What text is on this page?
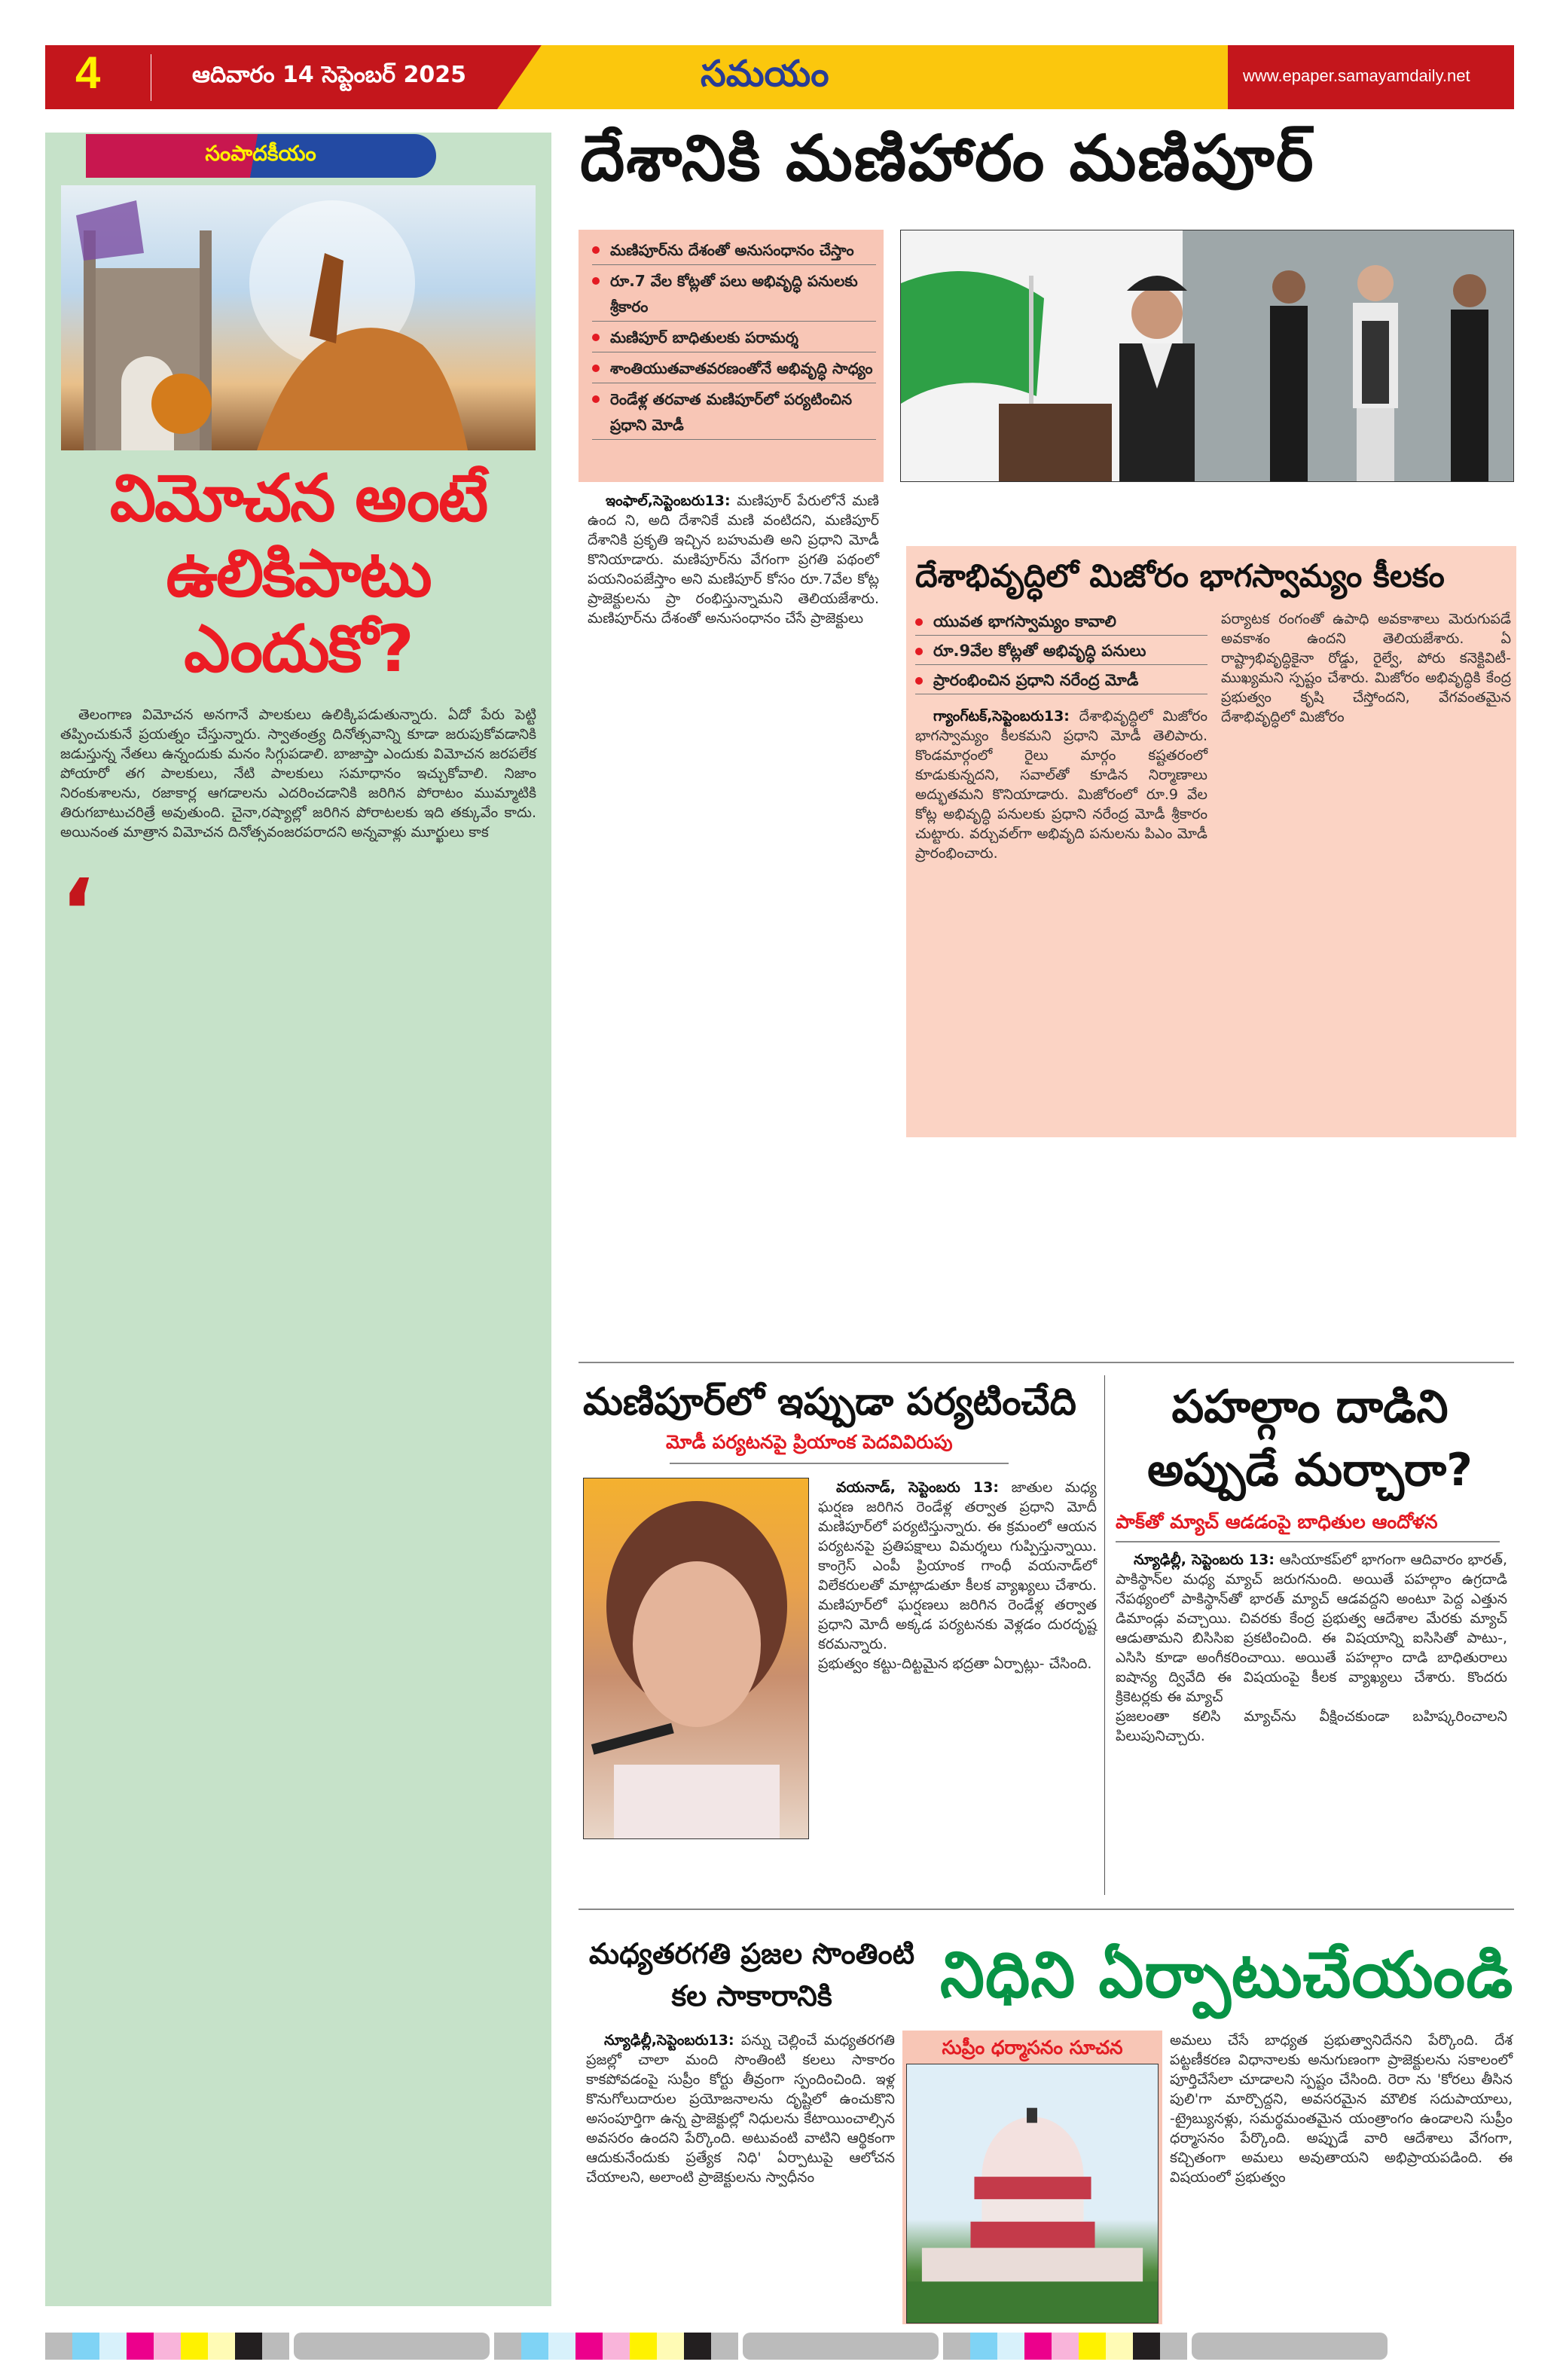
4	ఆదివారం 14 సెప్టెంబర్ 2025	సమయం	www.epaper.samayamdaily.net
సంపాదకీయం
విమోచన అంటే ఉలికిపాటు ఎందుకో?

తెలంగాణ విమోచన అనగానే పాలకులు ఉలిక్కిపడుతున్నారు. ఏదో పేరు పెట్టి తప్పించుకునే ప్రయత్నం చేస్తున్నారు. స్వాతంత్ర్య దినోత్సవాన్ని కూడా జరుపుకోవడానికి జడుస్తున్న నేతలు ఉన్నందుకు మనం సిగ్గుపడాలి. బాజాప్తా ఎందుకు విమోచన జరపలేక పోయారో తగ పాలకులు, నేటి పాలకులు సమాధానం ఇచ్చుకోవాలి. నిజాం నిరంకుశాలను, రజాకార్ల ఆగడాలను ఎదరించడానికి జరిగిన పోరాటం ముమ్మాటికి తిరుగబాటుచరిత్రే అవుతుంది. చైనా,రష్యాల్లో జరిగిన పోరాటలకు ఇది తక్కువేం కాదు. అయినంత మాత్రాన విమోచన దినోత్సవంజరపరాదని అన్నవాళ్లు మూర్ఖులు కాక

‘
దేశానికి మణిహారం మణిపూర్
మణిపూర్‌ను దేశంతో అనుసంధానం చేస్తాం
రూ.7 వేల కోట్లతో పలు అభివృద్ధి పనులకు శ్రీకారం
మణిపూర్ బాధితులకు పరామర్శ
శాంతియుతవాతవరణంతోనే అభివృద్ధి సాధ్యం
రెండేళ్ల తరవాత మణిపూర్‌లో పర్యటించిన ప్రధాని మోడీ

ఇంఫాల్,సెప్టెంబరు13: మణిపూర్ పేరులోనే మణి ఉంద ని, అది దేశానికే మణి వంటిదని, మణిపూర్ దేశానికి ప్రకృతి ఇచ్చిన బహుమతి అని ప్రధాని మోడీ కొనియాడారు. మణిపూర్‌ను వేగంగా ప్రగతి పథంలో పయనింపజేస్తాం అని మణిపూర్ కోసం రూ.7వేల కోట్ల ప్రాజెక్టులను ప్రా రంభిస్తున్నామని తెలియజేశారు. మణిపూర్‌ను దేశంతో అనుసంధానం చేసే ప్రాజెక్టులు

దేశాభివృద్ధిలో మిజోరం భాగస్వామ్యం కీలకం
యువత భాగస్వామ్యం కావాలి
రూ.9వేల కోట్లతో అభివృద్ధి పనులు
ప్రారంభించిన ప్రధాని నరేంద్ర మోడీ

గ్యాంగ్‌టక్,సెప్టెంబరు13: దేశాభివృద్ధిలో మిజోరం భాగస్వామ్యం కీలకమని ప్రధాని మోడీ తెలిపారు. కొండమార్గంలో రైలు మార్గం కష్టతరంలో కూడుకున్నదని, సవాల్‌తో కూడిన నిర్మాణాలు అద్భుతమని కొనియాడారు. మిజోరంలో రూ.9 వేల కోట్ల అభివృద్ధి పనులకు ప్రధాని నరేంద్ర మోడీ శ్రీకారం చుట్టారు. వర్చువల్‌గా అభివృది పనులను పిఎం మోడీ ప్రారంభించారు.

పర్యాటక రంగంతో ఉపాధి అవకాశాలు మెరుగుపడే అవకాశం ఉందని తెలియజేశారు. ఏ రాష్ట్రాభివృద్ధికైనా రోడ్డు, రైల్వే, పోరు కనెక్టివిటీ- ముఖ్యమని స్పష్టం చేశారు. మిజోరం అభివృద్ధికి కేంద్ర ప్రభుత్వం కృషి చేస్తోందని, వేగవంతమైన దేశాభివృద్ధిలో మిజోరం
మణిపూర్‌లో ఇప్పుడా పర్యటించేది
మోడీ పర్యటనపై ప్రియాంక పెదవివిరుపు

వయనాడ్, సెప్టెంబరు 13: జాతుల మధ్య ఘర్షణ జరిగిన రెండేళ్ల తర్వాత ప్రధాని మోదీ మణిపూర్‌లో పర్యటిస్తున్నారు. ఈ క్రమంలో ఆయన పర్యటనపై ప్రతిపక్షాలు విమర్శలు గుప్పిస్తున్నాయి. కాంగ్రెస్ ఎంపీ ప్రియాంక గాంధీ వయనాడ్‌లో విలేకరులతో మాట్లాడుతూ కీలక వ్యాఖ్యలు చేశారు. మణిపూర్‌లో ఘర్షణలు జరిగిన రెండేళ్ల తర్వాత ప్రధాని మోదీ అక్కడ పర్యటనకు వెళ్లడం దురదృష్ట కరమన్నారు.

ప్రభుత్వం కట్టు-దిట్టమైన భద్రతా ఏర్పాట్లు- చేసింది.

పహల్గాం దాడిని అప్పుడే మర్చారా?
పాక్‌తో మ్యాచ్ ఆడడంపై బాధితుల ఆందోళన

న్యూఢిల్లీ, సెప్టెంబరు 13: ఆసియాకప్‌లో భాగంగా ఆదివారం భారత్, పాకిస్థాన్‌ల మధ్య మ్యాచ్ జరుగనుంది. అయితే పహల్గాం ఉగ్రదాడి నేపథ్యంలో పాకిస్థాన్‌తో భారత్ మ్యాచ్ ఆడవద్దని అంటూ పెద్ద ఎత్తున డిమాండ్లు వచ్చాయి. చివరకు కేంద్ర ప్రభుత్వ ఆదేశాల మేరకు మ్యాచ్ ఆడుతామని బిసిసిఐ ప్రకటించింది. ఈ విషయాన్ని ఐసిసితో పాటు-, ఎసిసి కూడా అంగీకరించాయి. అయితే పహల్గాం దాడి బాధితురాలు ఐషాన్య ద్వివేది ఈ విషయంపై కీలక వ్యాఖ్యలు చేశారు. కొందరు క్రికెటర్లకు ఈ మ్యాచ్

ప్రజలంతా కలిసి మ్యాచ్‌ను వీక్షించకుండా బహిష్కరించాలని పిలుపునిచ్చారు.

మధ్యతరగతి ప్రజల సొంతింటి కల సాకారానికి	నిధిని ఏర్పాటుచేయండి

న్యూఢిల్లీ,సెప్టెంబరు13: పన్ను చెల్లించే మధ్యతరగతి ప్రజల్లో చాలా మంది సొంతింటి కలలు సాకారం కాకపోవడంపై సుప్రీం కోర్టు తీవ్రంగా స్పందించింది. ఇళ్ల కొనుగోలుదారుల ప్రయోజనాలను దృష్టిలో ఉంచుకొని అసంపూర్తిగా ఉన్న ప్రాజెక్టుల్లో నిధులను కేటాయించాల్సిన అవసరం ఉందని పేర్కొంది. అటువంటి వాటిని ఆర్థికంగా ఆదుకునేందుకు ప్రత్యేక నిధి' ఏర్పాటుపై ఆలోచన చేయాలని, అలాంటి ప్రాజెక్టులను స్వాధీనం

సుప్రీం ధర్మాసనం సూచన	అమలు చేసే బాధ్యత ప్రభుత్వానిదేనని పేర్కొంది. దేశ పట్టణీకరణ విధానాలకు అనుగుణంగా ప్రాజెక్టులను సకాలంలో పూర్తిచేసేలా చూడాలని స్పష్టం చేసింది. రెరా ను 'కోరలు తీసిన పులి'గా మార్చొద్దని, అవసరమైన మౌలిక సదుపాయాలు, -ట్రైబ్యునళ్లు, సమర్థమంతమైన యంత్రాంగం ఉండాలని సుప్రీం ధర్మాసనం పేర్కొంది. అప్పుడే వారి ఆదేశాలు వేగంగా, కచ్చితంగా అమలు అవుతాయని అభిప్రాయపడింది. ఈ విషయంలో ప్రభుత్వం
